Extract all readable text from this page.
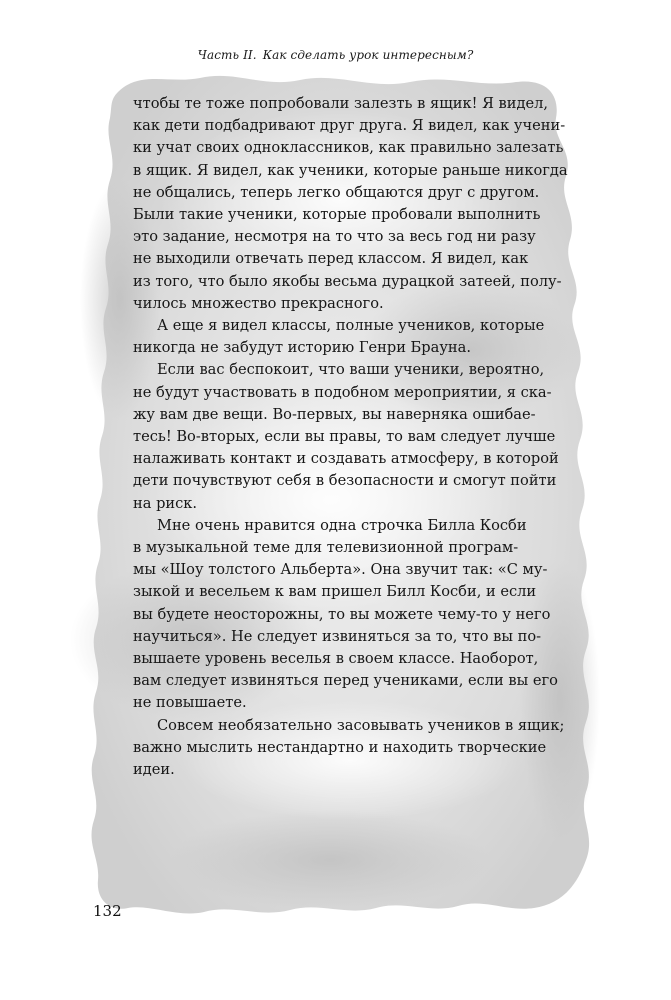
Часть II. Как сделать урок интересным?
чтобы те тоже попробовали залезть в ящик! Я видел,
как дети подбадривают друг друга. Я видел, как учени-
ки учат своих одноклассников, как правильно залезать
в ящик. Я видел, как ученики, которые раньше никогда
не общались, теперь легко общаются друг с другом.
Были такие ученики, которые пробовали выполнить
это задание, несмотря на то что за весь год ни разу
не выходили отвечать перед классом. Я видел, как
из того, что было якобы весьма дурацкой затеей, полу-
чилось множество прекрасного.
А еще я видел классы, полные учеников, которые
никогда не забудут историю Генри Брауна.
Если вас беспокоит, что ваши ученики, вероятно,
не будут участвовать в подобном мероприятии, я ска-
жу вам две вещи. Во-первых, вы наверняка ошибае-
тесь! Во-вторых, если вы правы, то вам следует лучше
налаживать контакт и создавать атмосферу, в которой
дети почувствуют себя в безопасности и смогут пойти
на риск.
Мне очень нравится одна строчка Билла Косби
в музыкальной теме для телевизионной програм-
мы «Шоу толстого Альберта». Она звучит так: «С му-
зыкой и весельем к вам пришел Билл Косби, и если
вы будете неосторожны, то вы можете чему-то у него
научиться». Не следует извиняться за то, что вы по-
вышаете уровень веселья в своем классе. Наоборот,
вам следует извиняться перед учениками, если вы его
не повышаете.
Совсем необязательно засовывать учеников в ящик;
важно мыслить нестандартно и находить творческие
идеи.
132
